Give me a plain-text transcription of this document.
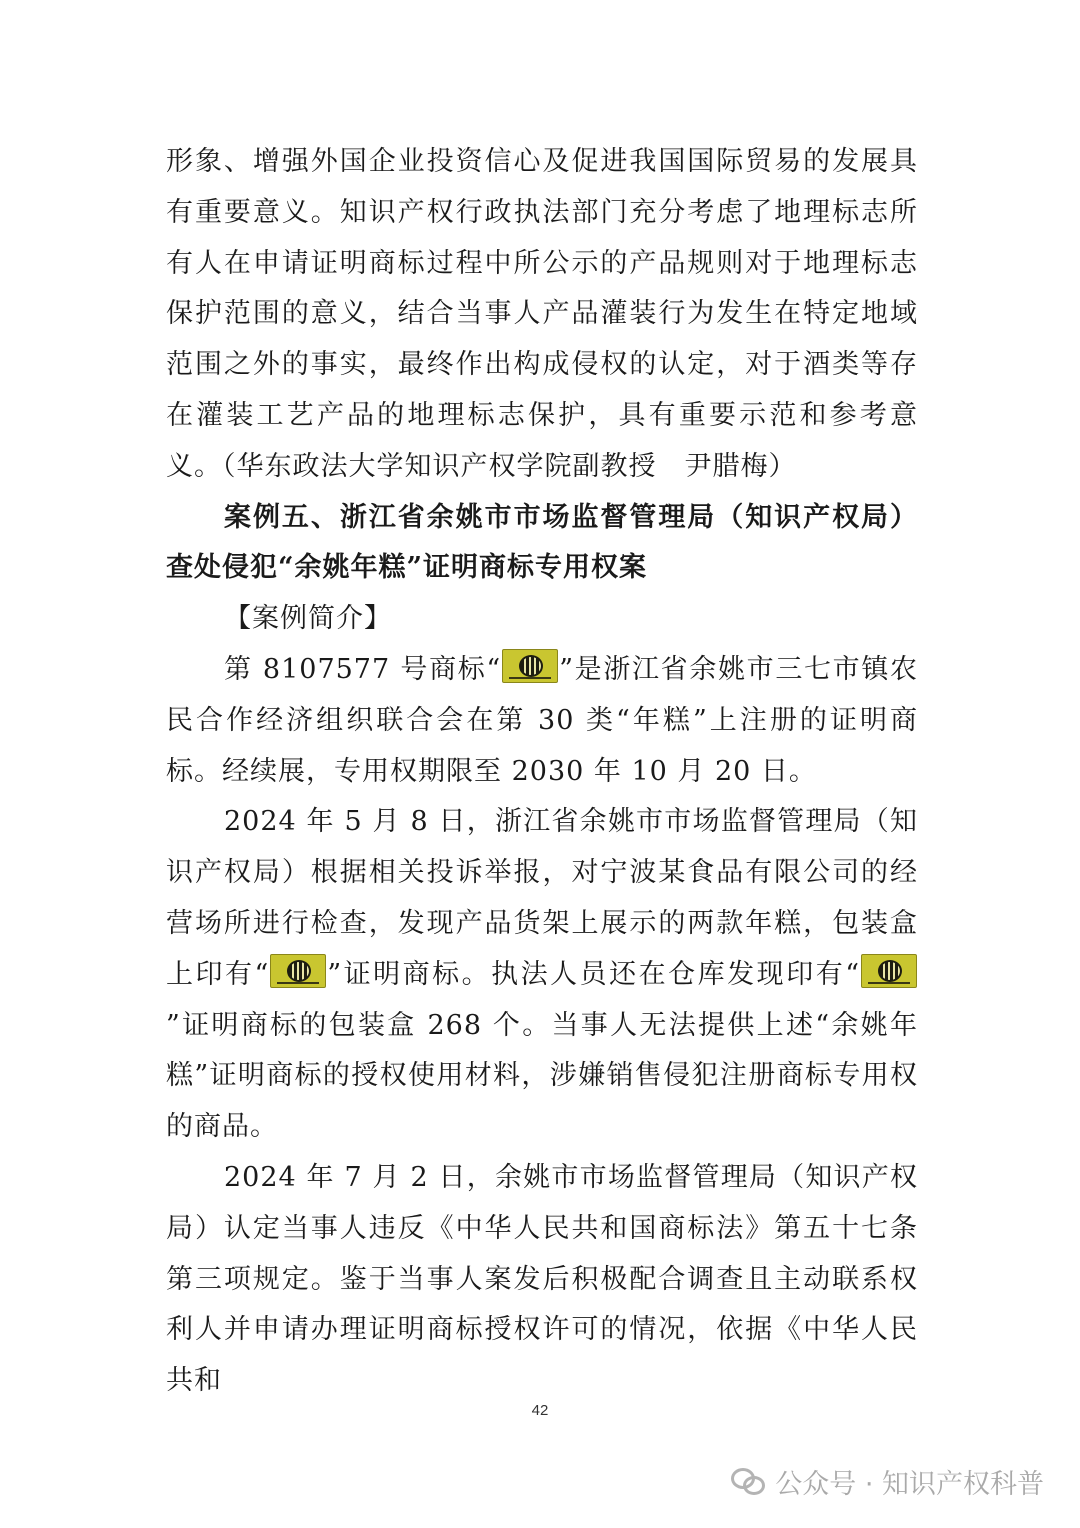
形象、增强外国企业投资信心及促进我国国际贸易的发展具有重要意义。知识产权行政执法部门充分考虑了地理标志所有人在申请证明商标过程中所公示的产品规则对于地理标志保护范围的意义，结合当事人产品灌装行为发生在特定地域范围之外的事实，最终作出构成侵权的认定，对于酒类等存在灌装工艺产品的地理标志保护，具有重要示范和参考意义。（华东政法大学知识产权学院副教授　尹腊梅）

案例五、浙江省余姚市市场监督管理局（知识产权局）查处侵犯“余姚年糕”证明商标专用权案

【案例简介】

第 8107577 号商标“ ”是浙江省余姚市三七市镇农民合作经济组织联合会在第 30 类“年糕”上注册的证明商标。经续展，专用权期限至 2030 年 10 月 20 日。

2024 年 5 月 8 日，浙江省余姚市市场监督管理局（知识产权局）根据相关投诉举报，对宁波某食品有限公司的经营场所进行检查，发现产品货架上展示的两款年糕，包装盒上印有“ ”证明商标。执法人员还在仓库发现印有“”证明商标的包装盒 268 个。当事人无法提供上述“余姚年糕”证明商标的授权使用材料，涉嫌销售侵犯注册商标专用权的商品。

2024 年 7 月 2 日，余姚市市场监督管理局（知识产权局）认定当事人违反《中华人民共和国商标法》第五十七条第三项规定。鉴于当事人案发后积极配合调查且主动联系权利人并申请办理证明商标授权许可的情况，依据《中华人民共和

42
公众号 · 知识产权科普
